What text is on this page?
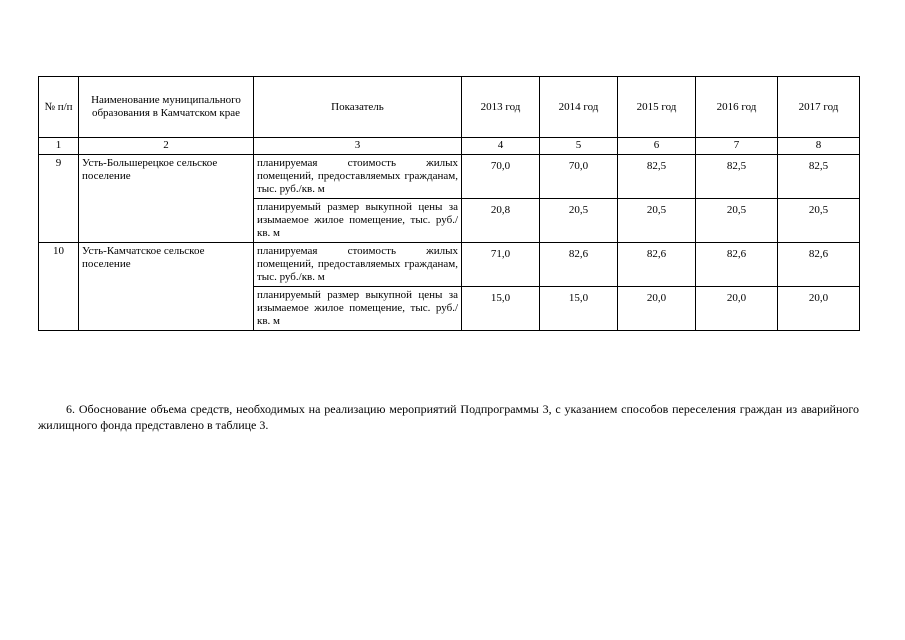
№ п/п	Наименование муниципального образования в Камчатском крае	Показатель	2013 год	2014 год	2015 год	2016 год	2017 год
1	2	3	4	5	6	7	8
9	Усть-Большерецкое сельское поселение	планируемая стоимость жилых помещений, предоставляемых гражданам, тыс. руб./кв. м	70,0	70,0	82,5	82,5	82,5
		планируемый размер выкупной цены за изымаемое жилое помещение, тыс. руб./кв. м	20,8	20,5	20,5	20,5	20,5
10	Усть-Камчатское сельское поселение	планируемая стоимость жилых помещений, предоставляемых гражданам, тыс. руб./кв. м	71,0	82,6	82,6	82,6	82,6
		планируемый размер выкупной цены за изымаемое жилое помещение, тыс. руб./кв. м	15,0	15,0	20,0	20,0	20,0

6. Обоснование объема средств, необходимых на реализацию мероприятий Подпрограммы 3, с указанием способов переселения граждан из аварийного жилищного фонда представлено в таблице 3.
